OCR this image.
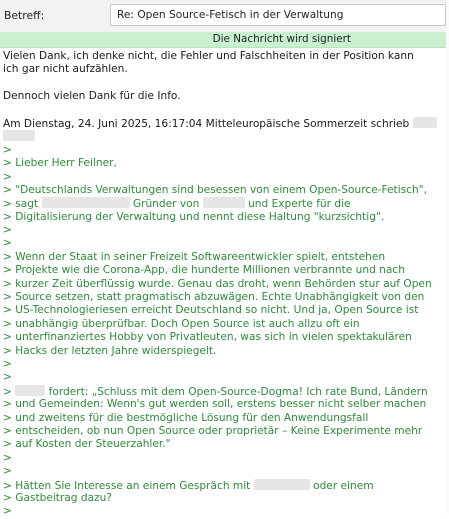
Betreff:	Re: Open Source-Fetisch in der Verwaltung
Die Nachricht wird signiert
Vielen Dank, ich denke nicht, die Fehler und Falschheiten in der Position kann
ich gar nicht aufzählen.
Dennoch vielen Dank für die Info.
Am Dienstag, 24. Juni 2025, 16:17:04 Mitteleuropäische Sommerzeit schrieb
>
> Lieber Herr Feilner,
>
> "Deutschlands Verwaltungen sind besessen von einem Open-Source-Fetisch",
> sagt	Gründer von	und Experte für die
> Digitalisierung der Verwaltung und nennt diese Haltung "kurzsichtig".
>
>
> Wenn der Staat in seiner Freizeit Softwareentwickler spielt, entstehen
> Projekte wie die Corona-App, die hunderte Millionen verbrannte und nach
> kurzer Zeit überflüssig wurde. Genau das droht, wenn Behörden stur auf Open
> Source setzen, statt pragmatisch abzuwägen. Echte Unabhängigkeit von den
> US-Technologieriesen erreicht Deutschland so nicht. Und ja, Open Source ist
> unabhängig überprüfbar. Doch Open Source ist auch allzu oft ein
> unterfinanziertes Hobby von Privatleuten, was sich in vielen spektakulären
> Hacks der letzten Jahre widerspiegelt.
>
>
>	fordert: „Schluss mit dem Open-Source-Dogma! Ich rate Bund, Ländern
> und Gemeinden: Wenn's gut werden soll, erstens besser nicht selber machen
> und zweitens für die bestmögliche Lösung für den Anwendungsfall
> entscheiden, ob nun Open Source oder proprietär – Keine Experimente mehr
> auf Kosten der Steuerzahler."
>
>
> Hätten Sie Interesse an einem Gespräch mit	oder einem
> Gastbeitrag dazu?
>
